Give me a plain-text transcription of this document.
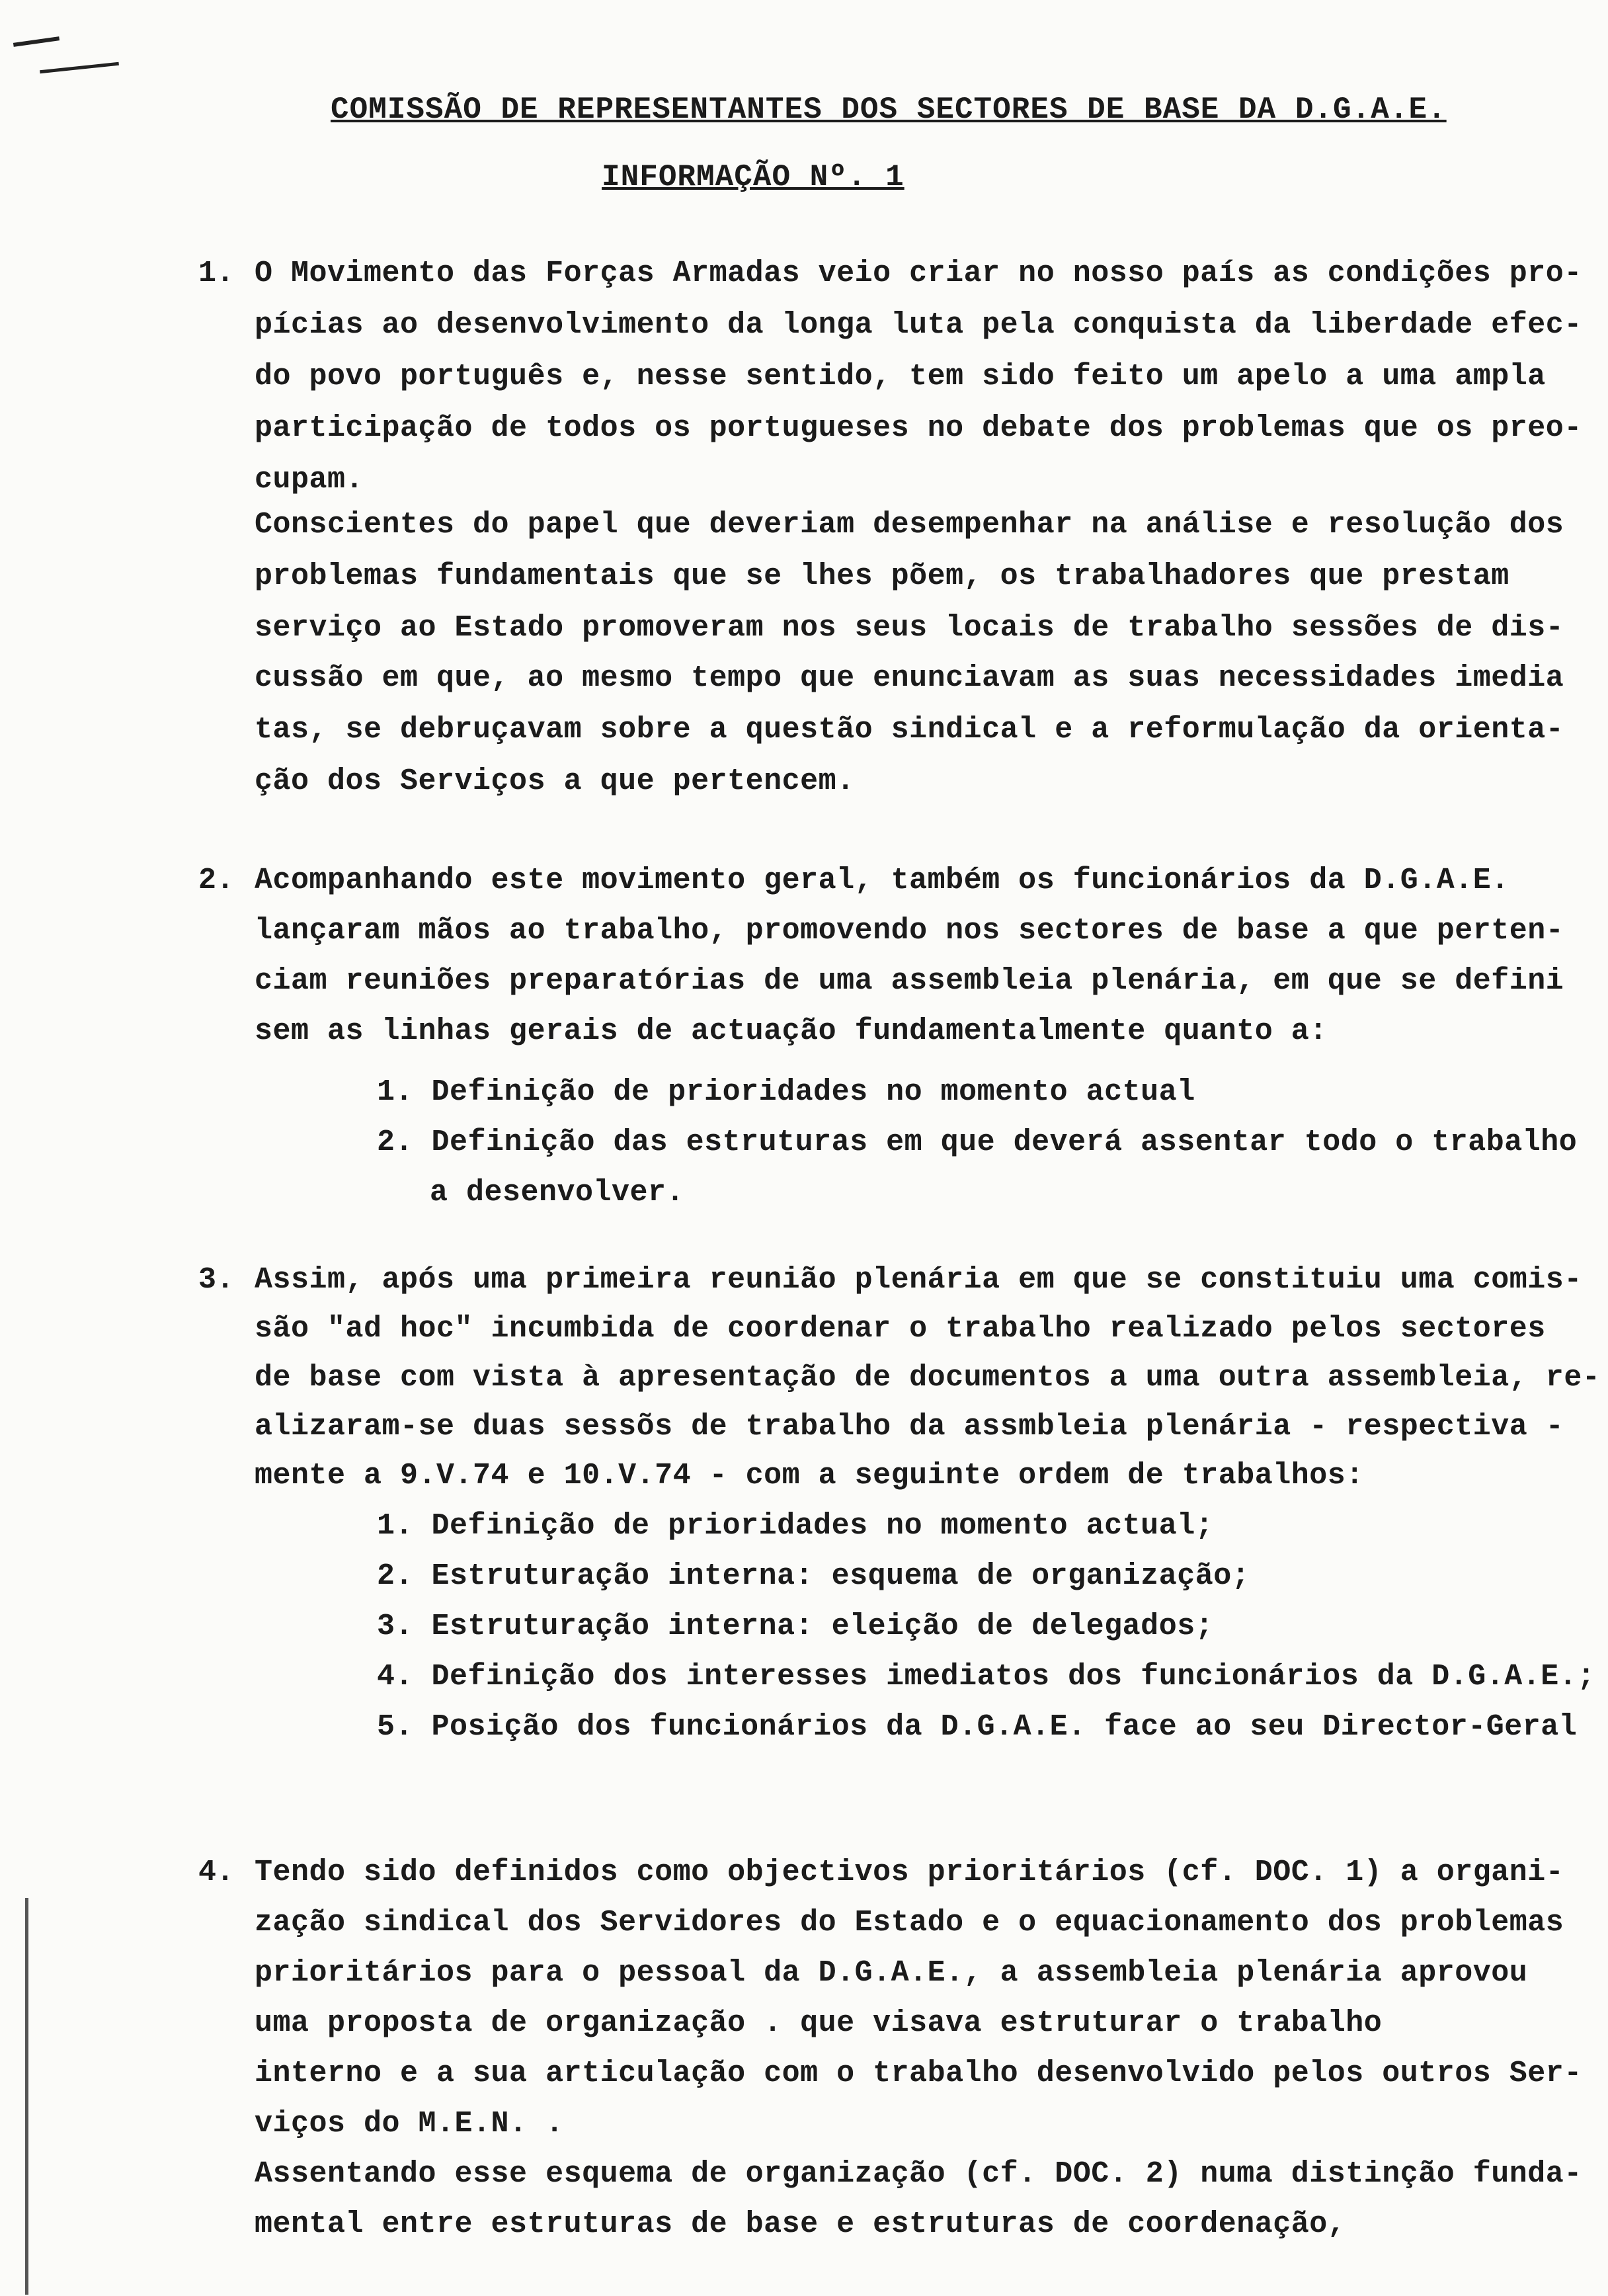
COMISSÃO DE REPRESENTANTES DOS SECTORES DE BASE DA D.G.A.E.
INFORMAÇÃO Nº. 1
1. O Movimento das Forças Armadas veio criar no nosso país as condições pro-
pícias ao desenvolvimento da longa luta pela conquista da liberdade efec-
do povo português e, nesse sentido, tem sido feito um apelo a uma ampla
participação de todos os portugueses no debate dos problemas que os preo-
cupam.
Conscientes do papel que deveriam desempenhar na análise e resolução dos
problemas fundamentais que se lhes põem, os trabalhadores que prestam
serviço ao Estado promoveram nos seus locais de trabalho sessões de dis-
cussão em que, ao mesmo tempo que enunciavam as suas necessidades imedia
tas, se debruçavam sobre a questão sindical e a reformulação da orienta-
ção dos Serviços a que pertencem.
2. Acompanhando este movimento geral, também os funcionários da D.G.A.E.
lançaram mãos ao trabalho, promovendo nos sectores de base a que perten-
ciam reuniões preparatórias de uma assembleia plenária, em que se defini
sem as linhas gerais de actuação fundamentalmente quanto a:
1. Definição de prioridades no momento actual
2. Definição das estruturas em que deverá assentar todo o trabalho
a desenvolver.
3. Assim, após uma primeira reunião plenária em que se constituiu uma comis-
são "ad hoc" incumbida de coordenar o trabalho realizado pelos sectores
de base com vista à apresentação de documentos a uma outra assembleia, re-
alizaram-se duas sessõs de trabalho da assmbleia plenária - respectiva -
mente a 9.V.74 e 10.V.74 - com a seguinte ordem de trabalhos:
1. Definição de prioridades no momento actual;
2. Estruturação interna: esquema de organização;
3. Estruturação interna: eleição de delegados;
4. Definição dos interesses imediatos dos funcionários da D.G.A.E.;
5. Posição dos funcionários da D.G.A.E. face ao seu Director-Geral
4. Tendo sido definidos como objectivos prioritários (cf. DOC. 1) a organi-
zação sindical dos Servidores do Estado e o equacionamento dos problemas
prioritários para o pessoal da D.G.A.E., a assembleia plenária aprovou
uma proposta de organização . que visava estruturar o trabalho
interno e a sua articulação com o trabalho desenvolvido pelos outros Ser-
viços do M.E.N. .
Assentando esse esquema de organização (cf. DOC. 2) numa distinção funda-
mental entre estruturas de base e estruturas de coordenação,
